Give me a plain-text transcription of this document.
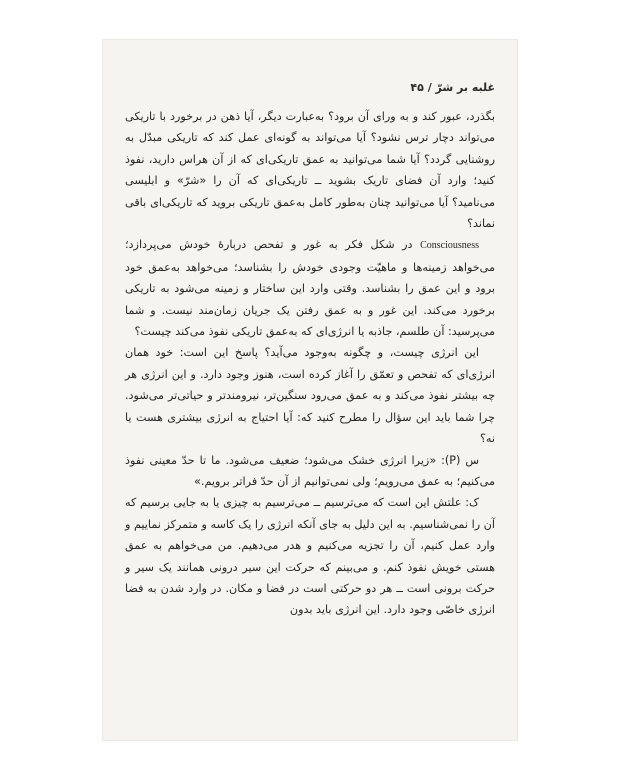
غلبه بر شرّ / ۴۵

بگذرد، عبور کند و به ورای آن برود؟ به‌عبارت دیگر، آیا ذهن در برخورد با تاریکی می‌تواند دچار ترس نشود؟ آیا می‌تواند به گونه‌ای عمل کند که تاریکی مبدّل به روشنایی گردد؟ آیا شما می‌توانید به عمق تاریکی‌ای که از آن هراس دارید، نفوذ کنید؛ وارد آن فضای تاریک بشوید ــ تاریکی‌ای که آن را «شرّ» و ابلیسی می‌نامید؟ آیا می‌توانید چنان به‌طور کامل به‌عمق تاریکی بروید که تاریکی‌ای باقی نماند؟

Consciousness در شکل فکر به غور و تفحص دربارهٔ خودش می‌پردازد؛ می‌خواهد زمینه‌ها و ماهیّت وجودی خودش را بشناسد؛ می‌خواهد به‌عمق خود برود و این عمق را بشناسد. وقتی وارد این ساختار و زمینه می‌شود به تاریکی برخورد می‌کند. این غور و به عمق رفتن یک جریان زمان‌مند نیست. و شما می‌پرسید: آن طلسم، جاذبه یا انرژی‌ای که به‌عمق تاریکی نفوذ می‌کند چیست؟

این انرژی چیست، و چگونه به‌وجود می‌آید؟ پاسخ این است: خود همان انرژی‌ای که تفحص و تعمّق را آغاز کرده است، هنوز وجود دارد. و این انرژی هر چه بیشتر نفوذ می‌کند و به عمق می‌رود سنگین‌تر، نیرومندتر و حیاتی‌تر می‌شود. چرا شما باید این سؤال را مطرح کنید که: آیا احتیاج به انرژی بیشتری هست یا نه؟

س (P): «زیرا انرژی خشک می‌شود؛ ضعیف می‌شود. ما تا حدّ معینی نفوذ می‌کنیم؛ به عمق می‌رویم؛ ولی نمی‌توانیم از آن حدّ فراتر برویم.»

ک: علتش این است که می‌ترسیم ــ می‌ترسیم به چیزی یا به جایی برسیم که آن را نمی‌شناسیم. به این دلیل به جای آنکه انرژی را یک کاسه و متمرکز نماییم و وارد عمل کنیم، آن را تجزیه می‌کنیم و هدر می‌دهیم. من می‌خواهم به عمق هستی خویش نفوذ کنم. و می‌بینم که حرکت این سیر درونی همانند یک سیر و حرکت برونی است ــ هر دو حرکتی است در فضا و مکان. در وارد شدن به فضا انرژی خاصّی وجود دارد. این انرژی باید بدون
